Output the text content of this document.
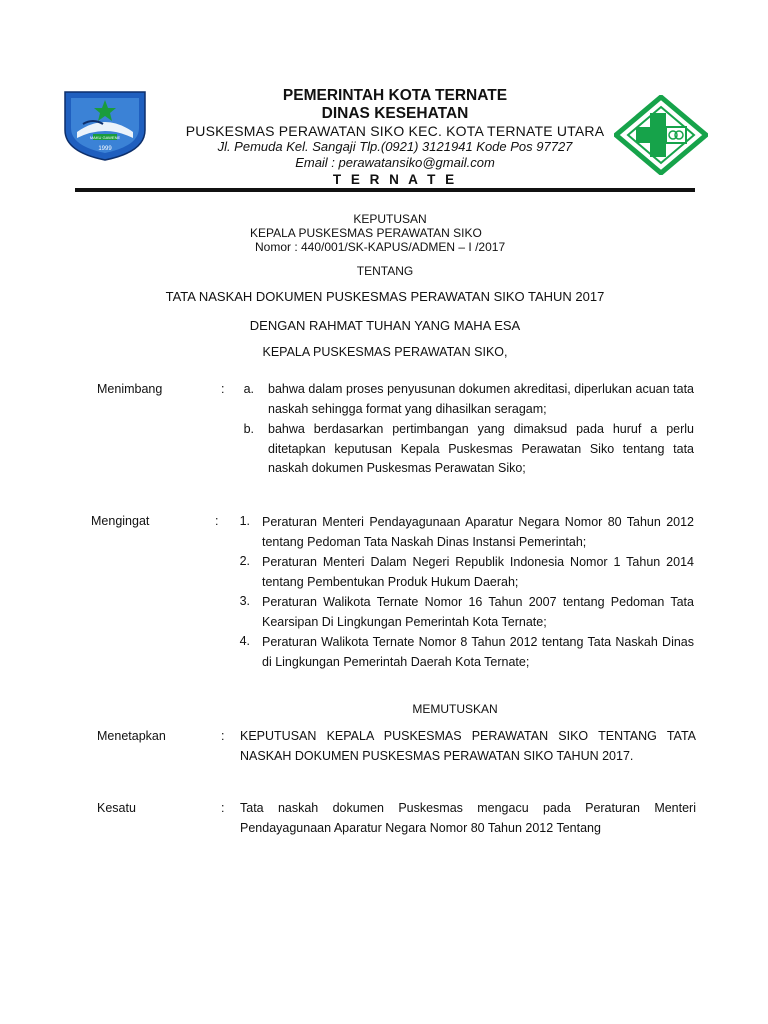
MAKU GAWENE
1999
PEMERINTAH KOTA TERNATE
DINAS KESEHATAN
PUSKESMAS PERAWATAN SIKO KEC. KOTA TERNATE UTARA
Jl. Pemuda Kel. Sangaji Tlp.(0921) 3121941 Kode Pos 97727
Email : perawatansiko@gmail.com
T E R N A T E
KEPUTUSAN
KEPALA PUSKESMAS PERAWATAN SIKO
Nomor : 440/001/SK-KAPUS/ADMEN – I /2017
TENTANG
TATA NASKAH DOKUMEN PUSKESMAS PERAWATAN SIKO TAHUN 2017
DENGAN RAHMAT TUHAN YANG MAHA ESA
KEPALA PUSKESMAS PERAWATAN SIKO,
Menimbang	:	a. bahwa dalam proses penyusunan dokumen akreditasi, diperlukan acuan tata naskah sehingga format yang dihasilkan seragam;
b. bahwa berdasarkan pertimbangan yang dimaksud pada huruf a perlu ditetapkan keputusan Kepala Puskesmas Perawatan Siko tentang tata naskah dokumen Puskesmas Perawatan Siko;
Mengingat	:	1. Peraturan Menteri Pendayagunaan Aparatur Negara Nomor 80 Tahun 2012 tentang Pedoman Tata Naskah Dinas Instansi Pemerintah;
2. Peraturan Menteri Dalam Negeri Republik Indonesia Nomor 1 Tahun 2014 tentang Pembentukan Produk Hukum Daerah;
3. Peraturan Walikota Ternate Nomor 16 Tahun 2007 tentang Pedoman Tata Kearsipan Di Lingkungan Pemerintah Kota Ternate;
4. Peraturan Walikota Ternate Nomor 8 Tahun 2012 tentang Tata Naskah Dinas di Lingkungan Pemerintah Daerah Kota Ternate;
MEMUTUSKAN
Menetapkan	: KEPUTUSAN KEPALA PUSKESMAS PERAWATAN SIKO TENTANG TATA NASKAH DOKUMEN PUSKESMAS PERAWATAN SIKO TAHUN 2017.
Kesatu	: Tata naskah dokumen Puskesmas mengacu pada Peraturan Menteri Pendayagunaan Aparatur Negara Nomor 80 Tahun 2012 Tentang
